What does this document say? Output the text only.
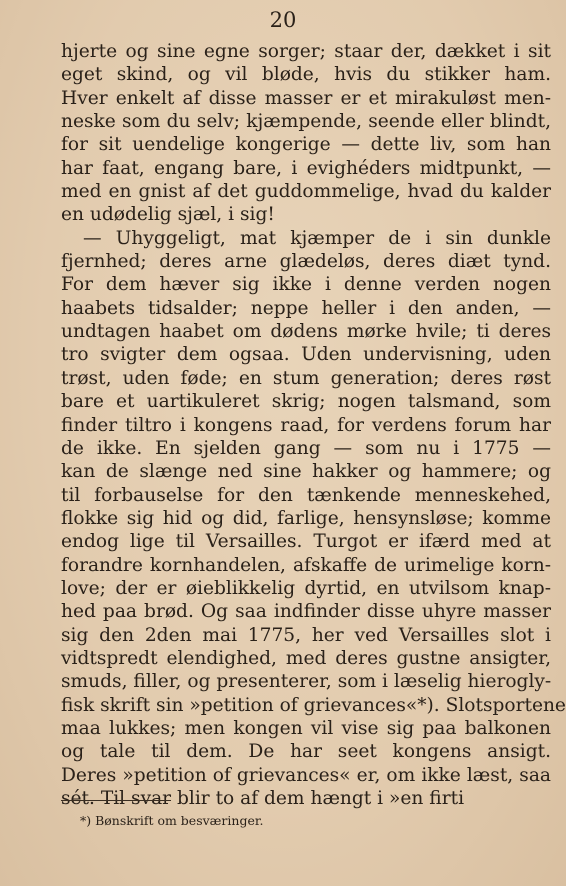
20
hjerte og sine egne sorger; staar der, dækket i sit
eget skind, og vil bløde, hvis du stikker ham.
Hver enkelt af disse masser er et mirakuløst men-
neske som du selv; kjæmpende, seende eller blindt,
for sit uendelige kongerige — dette liv, som han
har faat, engang bare, i evighéders midtpunkt, —
med en gnist af det guddommelige, hvad du kalder
en udødelig sjæl, i sig!
— Uhyggeligt, mat kjæmper de i sin dunkle
fjernhed; deres arne glædeløs, deres diæt tynd.
For dem hæver sig ikke i denne verden nogen
haabets tidsalder; neppe heller i den anden, —
undtagen haabet om dødens mørke hvile; ti deres
tro svigter dem ogsaa. Uden undervisning, uden
trøst, uden føde; en stum generation; deres røst
bare et uartikuleret skrig; nogen talsmand, som
finder tiltro i kongens raad, for verdens forum har
de ikke. En sjelden gang — som nu i 1775 —
kan de slænge ned sine hakker og hammere; og
til forbauselse for den tænkende menneskehed,
flokke sig hid og did, farlige, hensynsløse; komme
endog lige til Versailles. Turgot er ifærd med at
forandre kornhandelen, afskaffe de urimelige korn-
love; der er øieblikkelig dyrtid, en utvilsom knap-
hed paa brød. Og saa indfinder disse uhyre masser
sig den 2den mai 1775, her ved Versailles slot i
vidtspredt elendighed, med deres gustne ansigter,
smuds, filler, og presenterer, som i læselig hierogly-
fisk skrift sin »petition of grievances«*). Slotsportene
maa lukkes; men kongen vil vise sig paa balkonen
og tale til dem. De har seet kongens ansigt.
Deres »petition of grievances« er, om ikke læst, saa
sét. Til svar blir to af dem hængt i »en firti
*) Bønskrift om besværinger.
